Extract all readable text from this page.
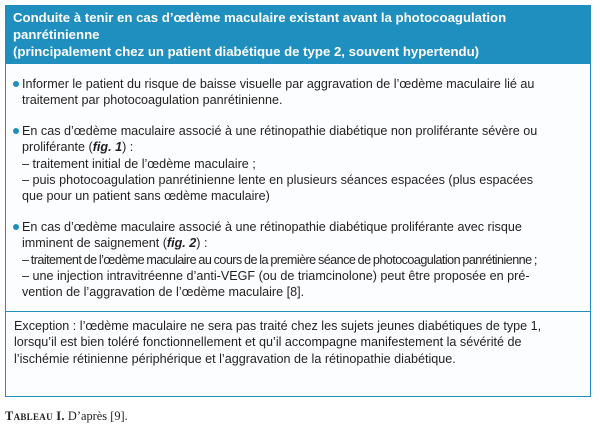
Conduite à tenir en cas d’œdème maculaire existant avant la photocoagulation panrétinienne
(principalement chez un patient diabétique de type 2, souvent hypertendu)
Informer le patient du risque de baisse visuelle par aggravation de l’œdème maculaire lié au
traitement par photocoagulation panrétinienne.
En cas d’œdème maculaire associé à une rétinopathie diabétique non proliférante sévère ou
proliférante (fig. 1) :
– traitement initial de l’œdème maculaire ;
– puis photocoagulation panrétinienne lente en plusieurs séances espacées (plus espacées
que pour un patient sans œdème maculaire)
En cas d’œdème maculaire associé à une rétinopathie diabétique proliférante avec risque
imminent de saignement (fig. 2) :
– traitement de l’œdème maculaire au cours de la première séance de photocoagulation panrétinienne ;
– une injection intravitréenne d’anti-VEGF (ou de triamcinolone) peut être proposée en pré-
vention de l’aggravation de l’œdème maculaire [8].
Exception : l’œdème maculaire ne sera pas traité chez les sujets jeunes diabétiques de type 1,
lorsqu’il est bien toléré fonctionnellement et qu’il accompagne manifestement la sévérité de
l’ischémie rétinienne périphérique et l’aggravation de la rétinopathie diabétique.
Tableau I. D’après [9].
